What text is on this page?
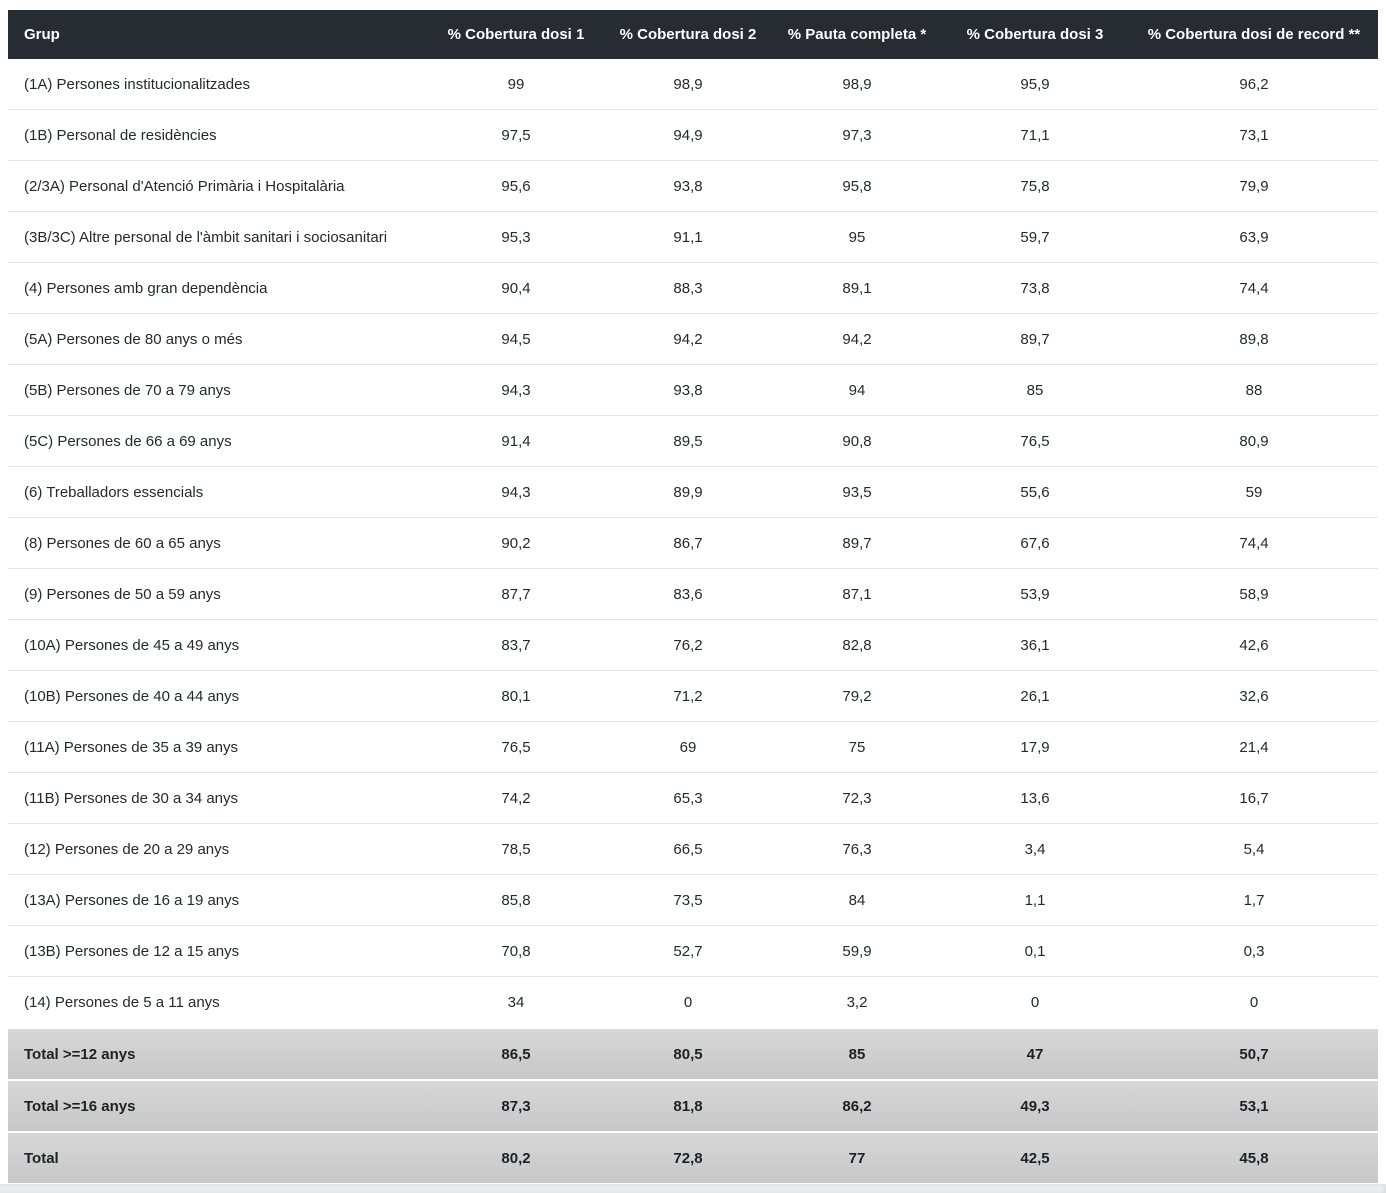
Grup	% Cobertura dosi 1	% Cobertura dosi 2	% Pauta completa *	% Cobertura dosi 3	% Cobertura dosi de record **
(1A) Persones institucionalitzades	99	98,9	98,9	95,9	96,2
(1B) Personal de residències	97,5	94,9	97,3	71,1	73,1
(2/3A) Personal d'Atenció Primària i Hospitalària	95,6	93,8	95,8	75,8	79,9
(3B/3C) Altre personal de l'àmbit sanitari i sociosanitari	95,3	91,1	95	59,7	63,9
(4) Persones amb gran dependència	90,4	88,3	89,1	73,8	74,4
(5A) Persones de 80 anys o més	94,5	94,2	94,2	89,7	89,8
(5B) Persones de 70 a 79 anys	94,3	93,8	94	85	88
(5C) Persones de 66 a 69 anys	91,4	89,5	90,8	76,5	80,9
(6) Treballadors essencials	94,3	89,9	93,5	55,6	59
(8) Persones de 60 a 65 anys	90,2	86,7	89,7	67,6	74,4
(9) Persones de 50 a 59 anys	87,7	83,6	87,1	53,9	58,9
(10A) Persones de 45 a 49 anys	83,7	76,2	82,8	36,1	42,6
(10B) Persones de 40 a 44 anys	80,1	71,2	79,2	26,1	32,6
(11A) Persones de 35 a 39 anys	76,5	69	75	17,9	21,4
(11B) Persones de 30 a 34 anys	74,2	65,3	72,3	13,6	16,7
(12) Persones de 20 a 29 anys	78,5	66,5	76,3	3,4	5,4
(13A) Persones de 16 a 19 anys	85,8	73,5	84	1,1	1,7
(13B) Persones de 12 a 15 anys	70,8	52,7	59,9	0,1	0,3
(14) Persones de 5 a 11 anys	34	0	3,2	0	0
Total >=12 anys	86,5	80,5	85	47	50,7
Total >=16 anys	87,3	81,8	86,2	49,3	53,1
Total	80,2	72,8	77	42,5	45,8
